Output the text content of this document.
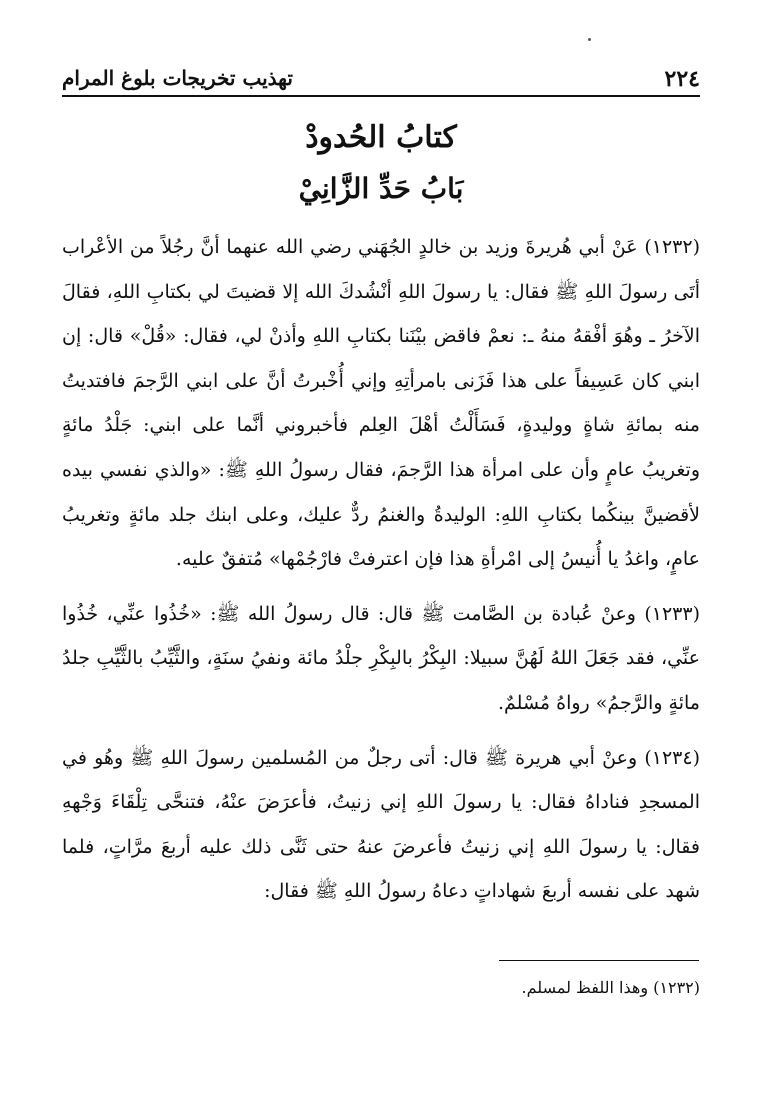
٢٢٤
تهذيب تخريجات بلوغ المرام
كتابُ الحُدودْ
بَابُ حَدِّ الزَّانِيْ

(١٢٣٢) عَنْ أبي هُريرةَ وزيد بن خالدٍ الجُهَني رضي الله عنهما أنَّ رجُلاً من الأعْراب أتَى رسولَ اللهِ ﷺ فقال: يا رسولَ اللهِ أنْشُدكَ الله إلا قضيتَ لي بكتابِ اللهِ، فقالَ الآخرُ ـ وهُوَ أفْقهُ منهُ ـ: نعمْ فاقض بيْنَنا بكتابِ اللهِ وأذنْ لي، فقال: «قُلْ» قال: إن ابني كان عَسِيفاً على هذا فَزَنى بامرأتِهِ وإني أُخْبرتُ أنَّ على ابني الرَّجمَ فافتديتُ منه بمائةِ شاةٍ ووليدةٍ، فَسَأَلْتُ أهْلَ العِلم فأخبروني أنَّما على ابني: جَلْدُ مائةٍ وتغريبُ عامٍ وأن على امرأة هذا الرَّجمَ، فقال رسولُ اللهِ ﷺ: «والذي نفسي بيده لأقضينَّ بينكُما بكتابِ اللهِ: الوليدةُ والغنمُ ردٌّ عليك، وعلى ابنك جلد مائةٍ وتغريبُ عامٍ، واغدُ يا أُنيسُ إلى امْرأةِ هذا فإن اعترفتْ فارْجُمْها» مُتفقٌ عليه.

(١٢٣٣) وعنْ عُبادة بن الصَّامت ﷺ قال: قال رسولُ الله ﷺ: «خُذُوا عنِّي، خُذُوا عنِّي، فقد جَعَلَ اللهُ لَهُنَّ سبيلا: البِكْرُ بالبِكْرِ جلْدُ مائة ونفيُ سنَةٍ، والثَّيِّبُ بالثَّيِّبِ جلدُ مائةٍ والرَّجمُ» رواهُ مُسْلمٌ.

(١٢٣٤) وعنْ أبي هريرة ﷺ قال: أتى رجلٌ من المُسلمين رسولَ اللهِ ﷺ وهُو في المسجدِ فناداهُ فقال: يا رسولَ اللهِ إني زنيتُ، فأعرَضَ عنْهُ، فتنحَّى تِلْقَاءَ وَجْههِ فقال: يا رسولَ اللهِ إني زنيتُ فأعرضَ عنهُ حتى ثَنَّى ذلك عليه أربعَ مرَّاتٍ، فلما شهد على نفسه أربعَ شهاداتٍ دعاهُ رسولُ اللهِ ﷺ فقال:

(١٢٣٢) وهذا اللفظ لمسلم.
